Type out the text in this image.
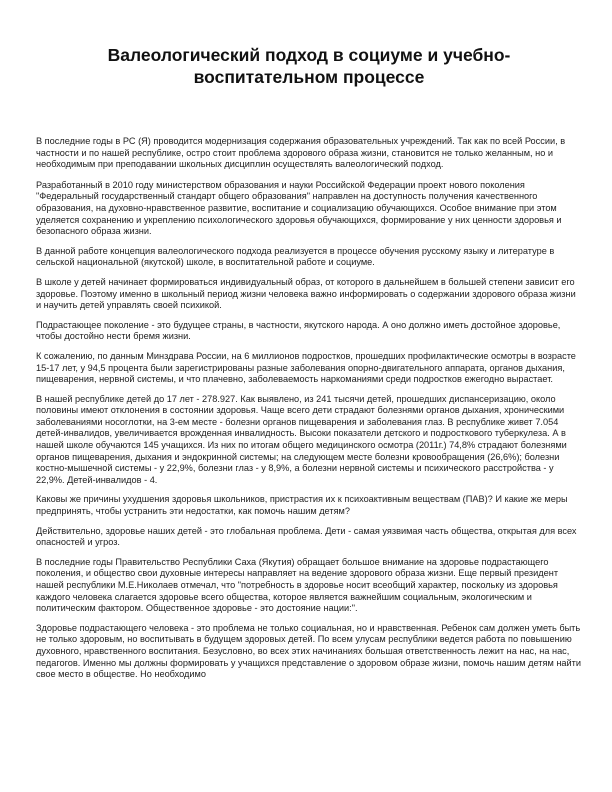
Валеологический подход в социуме и учебно-
воспитательном процессе

В последние годы в РС (Я) проводится модернизация содержания образовательных учреждений. Так как по всей России, в частности и по нашей республике, остро стоит проблема здорового образа жизни, становится не только желанным, но и необходимым при преподавании школьных дисциплин осуществлять валеологический подход.

Разработанный в 2010 году министерством образования и науки Российской Федерации проект нового поколения "Федеральный государственный стандарт общего образования" направлен на доступность получения качественного образования, на духовно-нравственное развитие, воспитание и социализацию обучающихся. Особое внимание при этом уделяется сохранению и укреплению психологического здоровья обучающихся, формирование у них ценности здоровья и безопасного образа жизни.

В данной работе концепция валеологического подхода реализуется в процессе обучения русскому языку и литературе в сельской национальной (якутской) школе, в воспитательной работе и социуме.

В школе у детей начинает формироваться индивидуальный образ, от которого в дальнейшем в большей степени зависит его здоровье. Поэтому именно в школьный период жизни человека важно информировать о содержании здорового образа жизни и научить детей управлять своей психикой.

Подрастающее поколение - это будущее страны, в частности, якутского народа. А оно должно иметь достойное здоровье, чтобы достойно нести бремя жизни.

К сожалению, по данным Минздрава России, на 6 миллионов подростков, прошедших профилактические осмотры в возрасте 15-17 лет, у 94,5 процента были зарегистрированы разные заболевания опорно-двигательного аппарата, органов дыхания, пищеварения, нервной системы, и что плачевно, заболеваемость наркоманиями среди подростков ежегодно вырастает.

В нашей республике детей до 17 лет - 278.927. Как выявлено, из 241 тысячи детей, прошедших диспансеризацию, около половины имеют отклонения в состоянии здоровья. Чаще всего дети страдают болезнями органов дыхания, хроническими заболеваниями носоглотки, на 3-ем месте - болезни органов пищеварения и заболевания глаз. В республике живет 7.054 детей-инвалидов, увеличивается врожденная инвалидность. Высоки показатели детского и подросткового туберкулеза. А в нашей школе обучаются 145 учащихся. Из них по итогам общего медицинского осмотра (2011г.) 74,8% страдают болезнями органов пищеварения, дыхания и эндокринной системы; на следующем месте болезни кровообращения (26,6%); болезни костно-мышечной системы - у 22,9%, болезни глаз - у 8,9%, а болезни нервной системы и психического расстройства - у 22,9%. Детей-инвалидов - 4.

Каковы же причины ухудшения здоровья школьников, пристрастия их к психоактивным веществам (ПАВ)? И какие же меры предпринять, чтобы устранить эти недостатки, как помочь нашим детям?

Действительно, здоровье наших детей - это глобальная проблема. Дети - самая уязвимая часть общества, открытая для всех опасностей и угроз.

В последние годы Правительство Республики Саха (Якутия) обращает большое внимание на здоровье подрастающего поколения, и общество свои духовные интересы направляет на ведение здорового образа жизни. Еще первый президент нашей республики М.Е.Николаев отмечал, что "потребность в здоровье носит всеобщий характер, поскольку из здоровья каждого человека слагается здоровье всего общества, которое является важнейшим социальным, экологическим и политическим фактором. Общественное здоровье - это достояние нации:".

Здоровье подрастающего человека - это проблема не только социальная, но и нравственная. Ребенок сам должен уметь быть не только здоровым, но воспитывать в будущем здоровых детей. По всем улусам республики ведется работа по повышению духовного, нравственного воспитания. Безусловно, во всех этих начинаниях большая ответственность лежит на нас, на нас, педагогов. Именно мы должны формировать у учащихся представление о здоровом образе жизни, помочь нашим детям найти свое место в обществе. Но необходимо
